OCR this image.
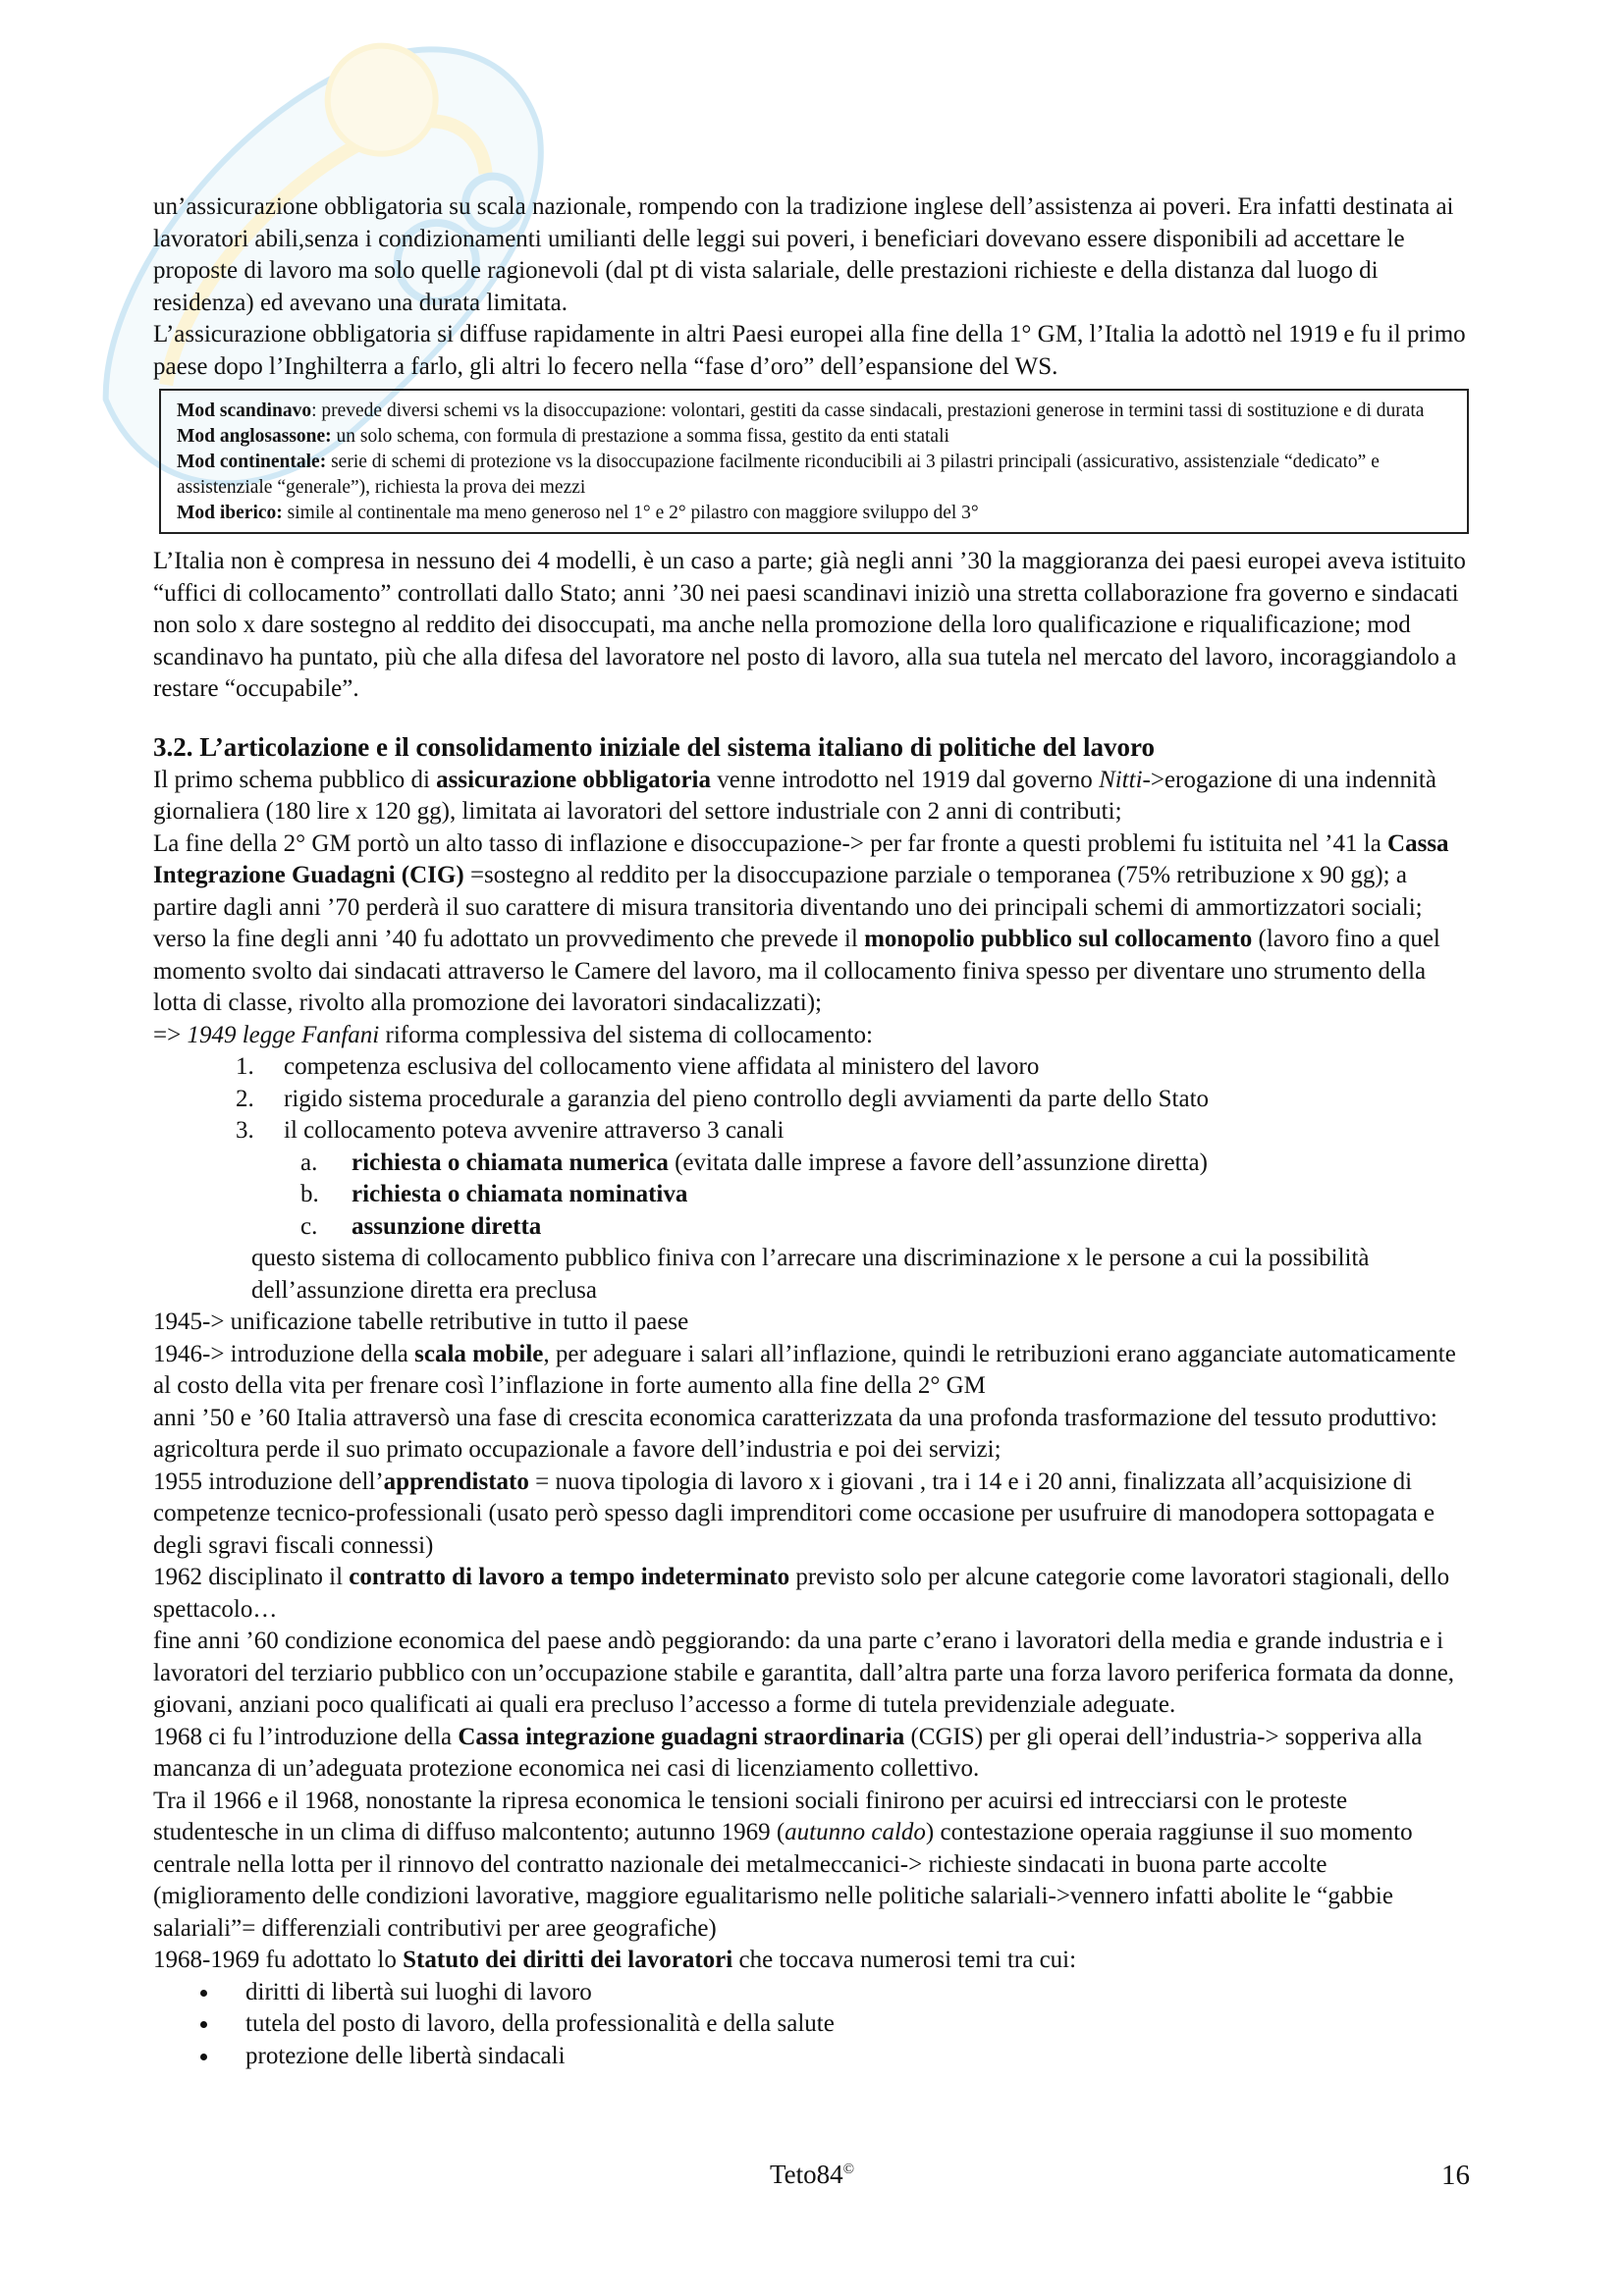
un’assicurazione obbligatoria su scala nazionale, rompendo con la tradizione inglese dell’assistenza ai poveri. Era infatti destinata ai lavoratori abili,senza i condizionamenti umilianti delle leggi sui poveri, i beneficiari dovevano essere disponibili ad accettare le proposte di lavoro ma solo quelle ragionevoli (dal pt di vista salariale, delle prestazioni richieste e della distanza dal luogo di residenza) ed avevano una durata limitata.

L’assicurazione obbligatoria si diffuse rapidamente in altri Paesi europei alla fine della 1° GM, l’Italia la adottò nel 1919 e fu il primo paese dopo l’Inghilterra a farlo, gli altri lo fecero nella “fase d’oro” dell’espansione del WS.

Mod scandinavo: prevede diversi schemi vs la disoccupazione: volontari, gestiti da casse sindacali, prestazioni generose in termini tassi di sostituzione e di durata

Mod anglosassone: un solo schema, con formula di prestazione a somma fissa, gestito da enti statali

Mod continentale: serie di schemi di protezione vs la disoccupazione facilmente riconducibili ai 3 pilastri principali (assicurativo, assistenziale “dedicato” e assistenziale “generale”), richiesta la prova dei mezzi

Mod iberico: simile al continentale ma meno generoso nel 1° e 2° pilastro con maggiore sviluppo del 3°

L’Italia non è compresa in nessuno dei 4 modelli, è un caso a parte; già negli anni ’30 la maggioranza dei paesi europei aveva istituito “uffici di collocamento” controllati dallo Stato; anni ’30 nei paesi scandinavi iniziò una stretta collaborazione fra governo e sindacati non solo x dare sostegno al reddito dei disoccupati, ma anche nella promozione della loro qualificazione e riqualificazione; mod scandinavo ha puntato, più che alla difesa del lavoratore nel posto di lavoro, alla sua tutela nel mercato del lavoro, incoraggiandolo a restare “occupabile”.

3.2. L’articolazione e il consolidamento iniziale del sistema italiano di politiche del lavoro

Il primo schema pubblico di assicurazione obbligatoria venne introdotto nel 1919 dal governo Nitti->erogazione di una indennità giornaliera (180 lire x 120 gg), limitata ai lavoratori del settore industriale con 2 anni di contributi;

La fine della 2° GM portò un alto tasso di inflazione e disoccupazione-> per far fronte a questi problemi fu istituita nel ’41 la Cassa Integrazione Guadagni (CIG) =sostegno al reddito per la disoccupazione parziale o temporanea (75% retribuzione x 90 gg); a partire dagli anni ’70 perderà il suo carattere di misura transitoria diventando uno dei principali schemi di ammortizzatori sociali; verso la fine degli anni ’40 fu adottato un provvedimento che prevede il monopolio pubblico sul collocamento (lavoro fino a quel momento svolto dai sindacati attraverso le Camere del lavoro, ma il collocamento finiva spesso per diventare uno strumento della lotta di classe, rivolto alla promozione dei lavoratori sindacalizzati);

=> 1949 legge Fanfani riforma complessiva del sistema di collocamento:

1.	competenza esclusiva del collocamento viene affidata al ministero del lavoro
2.	rigido sistema procedurale a garanzia del pieno controllo degli avviamenti da parte dello Stato
3.	il collocamento poteva avvenire attraverso 3 canali
a. richiesta o chiamata numerica (evitata dalle imprese a favore dell’assunzione diretta)
b. richiesta o chiamata nominativa
c. assunzione diretta

questo sistema di collocamento pubblico finiva con l’arrecare una discriminazione x le persone a cui la possibilità dell’assunzione diretta era preclusa

1945-> unificazione tabelle retributive in tutto il paese

1946-> introduzione della scala mobile, per adeguare i salari all’inflazione, quindi le retribuzioni erano agganciate automaticamente al costo della vita per frenare così l’inflazione in forte aumento alla fine della 2° GM

anni ’50 e ’60 Italia attraversò una fase di crescita economica caratterizzata da una profonda trasformazione del tessuto produttivo: agricoltura perde il suo primato occupazionale a favore dell’industria e poi dei servizi;

1955 introduzione dell’apprendistato = nuova tipologia di lavoro x i giovani , tra i 14 e i 20 anni, finalizzata all’acquisizione di competenze tecnico-professionali (usato però spesso dagli imprenditori come occasione per usufruire di manodopera sottopagata e degli sgravi fiscali connessi)

1962 disciplinato il contratto di lavoro a tempo indeterminato previsto solo per alcune categorie come lavoratori stagionali, dello spettacolo…

fine anni ’60 condizione economica del paese andò peggiorando: da una parte c’erano i lavoratori della media e grande industria e i lavoratori del terziario pubblico con un’occupazione stabile e garantita, dall’altra parte una forza lavoro periferica formata da donne, giovani, anziani poco qualificati ai quali era precluso l’accesso a forme di tutela previdenziale adeguate.

1968 ci fu l’introduzione della Cassa integrazione guadagni straordinaria (CGIS) per gli operai dell’industria-> sopperiva alla mancanza di un’adeguata protezione economica nei casi di licenziamento collettivo.

Tra il 1966 e il 1968, nonostante la ripresa economica le tensioni sociali finirono per acuirsi ed intrecciarsi con le proteste studentesche in un clima di diffuso malcontento; autunno 1969 (autunno caldo) contestazione operaia raggiunse il suo momento centrale nella lotta per il rinnovo del contratto nazionale dei metalmeccanici-> richieste sindacati in buona parte accolte (miglioramento delle condizioni lavorative, maggiore egualitarismo nelle politiche salariali->vennero infatti abolite le “gabbie salariali”= differenziali contributivi per aree geografiche)

1968-1969 fu adottato lo Statuto dei diritti dei lavoratori che toccava numerosi temi tra cui:

diritti di libertà sui luoghi di lavoro
tutela del posto di lavoro, della professionalità e della salute
protezione delle libertà sindacali
Teto84©	16
